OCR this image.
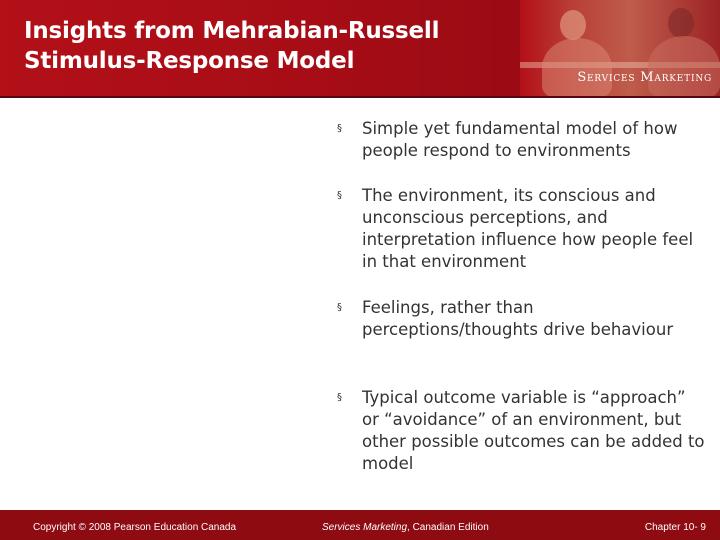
Insights from Mehrabian-Russell
Stimulus-Response Model
Services Marketing
§	Simple yet fundamental model of how people respond to environments
§	The environment, its conscious and unconscious perceptions, and interpretation influence how people feel in that environment
§	Feelings, rather than perceptions/thoughts drive behaviour
§	Typical outcome variable is “approach” or “avoidance” of an environment, but other possible outcomes can be added to model
Copyright © 2008 Pearson Education Canada	Services Marketing, Canadian Edition	Chapter 10- 9
